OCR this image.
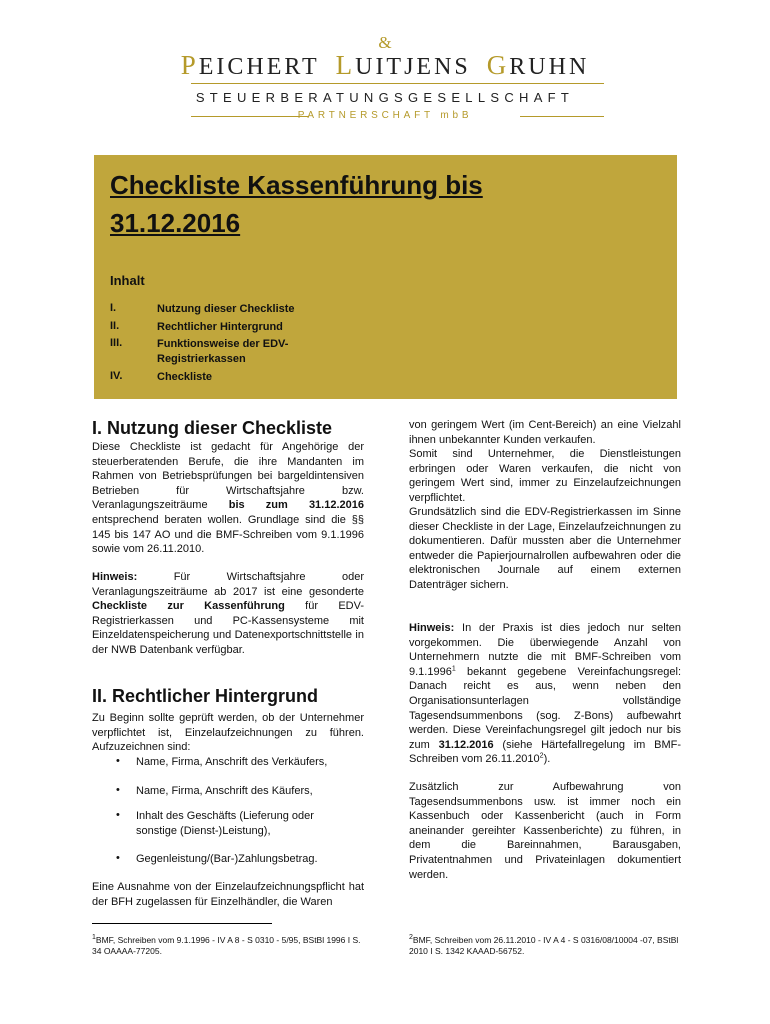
&
PEICHERT LUITJENS GRUHN
STEUERBERATUNGSGESELLSCHAFT
PARTNERSCHAFT mbB
Checkliste Kassenführung bis
31.12.2016
Inhalt
I.	Nutzung dieser Checkliste
II.	Rechtlicher Hintergrund
III.	Funktionsweise der EDV-Registrierkassen
IV.	Checkliste
I. Nutzung dieser Checkliste
Diese Checkliste ist gedacht für Angehörige der steuerberatenden Berufe, die ihre Mandanten im Rahmen von Betriebsprüfungen bei bargeldintensiven Betrieben für Wirtschaftsjahre bzw. Veranlagungszeiträume bis zum 31.12.2016 entsprechend beraten wollen. Grundlage sind die §§ 145 bis 147 AO und die BMF-Schreiben vom 9.1.1996 sowie vom 26.11.2010.
Hinweis: Für Wirtschaftsjahre oder Veranlagungszeiträume ab 2017 ist eine gesonderte Checkliste zur Kassenführung für EDV-Registrierkassen und PC-Kassensysteme mit Einzeldatenspeicherung und Datenexportschnittstelle in der NWB Datenbank verfügbar.
II. Rechtlicher Hintergrund
Zu Beginn sollte geprüft werden, ob der Unternehmer verpflichtet ist, Einzelaufzeichnungen zu führen. Aufzuzeichnen sind:
• Name, Firma, Anschrift des Verkäufers,
• Name, Firma, Anschrift des Käufers,
• Inhalt des Geschäfts (Lieferung oder sonstige (Dienst-)Leistung),
• Gegenleistung/(Bar-)Zahlungsbetrag.
Eine Ausnahme von der Einzelaufzeichnungspflicht hat der BFH zugelassen für Einzelhändler, die Waren
von geringem Wert (im Cent-Bereich) an eine Vielzahl ihnen unbekannter Kunden verkaufen.
Somit sind Unternehmer, die Dienstleistungen erbringen oder Waren verkaufen, die nicht von geringem Wert sind, immer zu Einzelaufzeichnungen verpflichtet.
Grundsätzlich sind die EDV-Registrierkassen im Sinne dieser Checkliste in der Lage, Einzelaufzeichnungen zu dokumentieren. Dafür mussten aber die Unternehmer entweder die Papierjournalrollen aufbewahren oder die elektronischen Journale auf einem externen Datenträger sichern.
Hinweis: In der Praxis ist dies jedoch nur selten vorgekommen. Die überwiegende Anzahl von Unternehmern nutzte die mit BMF-Schreiben vom 9.1.1996$^1$ bekannt gegebene Vereinfachungsregel: Danach reicht es aus, wenn neben den Organisationsunterlagen vollständige Tagesendsummenbons (sog. Z-Bons) aufbewahrt werden. Diese Vereinfachungsregel gilt jedoch nur bis zum 31.12.2016 (siehe Härtefallregelung im BMF-Schreiben vom 26.11.2010$^2$).
Zusätzlich zur Aufbewahrung von Tagesendsummenbons usw. ist immer noch ein Kassenbuch oder Kassenbericht (auch in Form aneinander gereihter Kassenberichte) zu führen, in dem die Bareinnahmen, Barausgaben, Privatentnahmen und Privateinlagen dokumentiert werden.
$^1$BMF, Schreiben vom 9.1.1996 - IV A 8 - S 0310 - 5/95, BStBl 1996 I S. 34 OAAAA-77205.
$^2$BMF, Schreiben vom 26.11.2010 - IV A 4 - S 0316/08/10004 -07, BStBl 2010 I S. 1342 KAAAD-56752.
